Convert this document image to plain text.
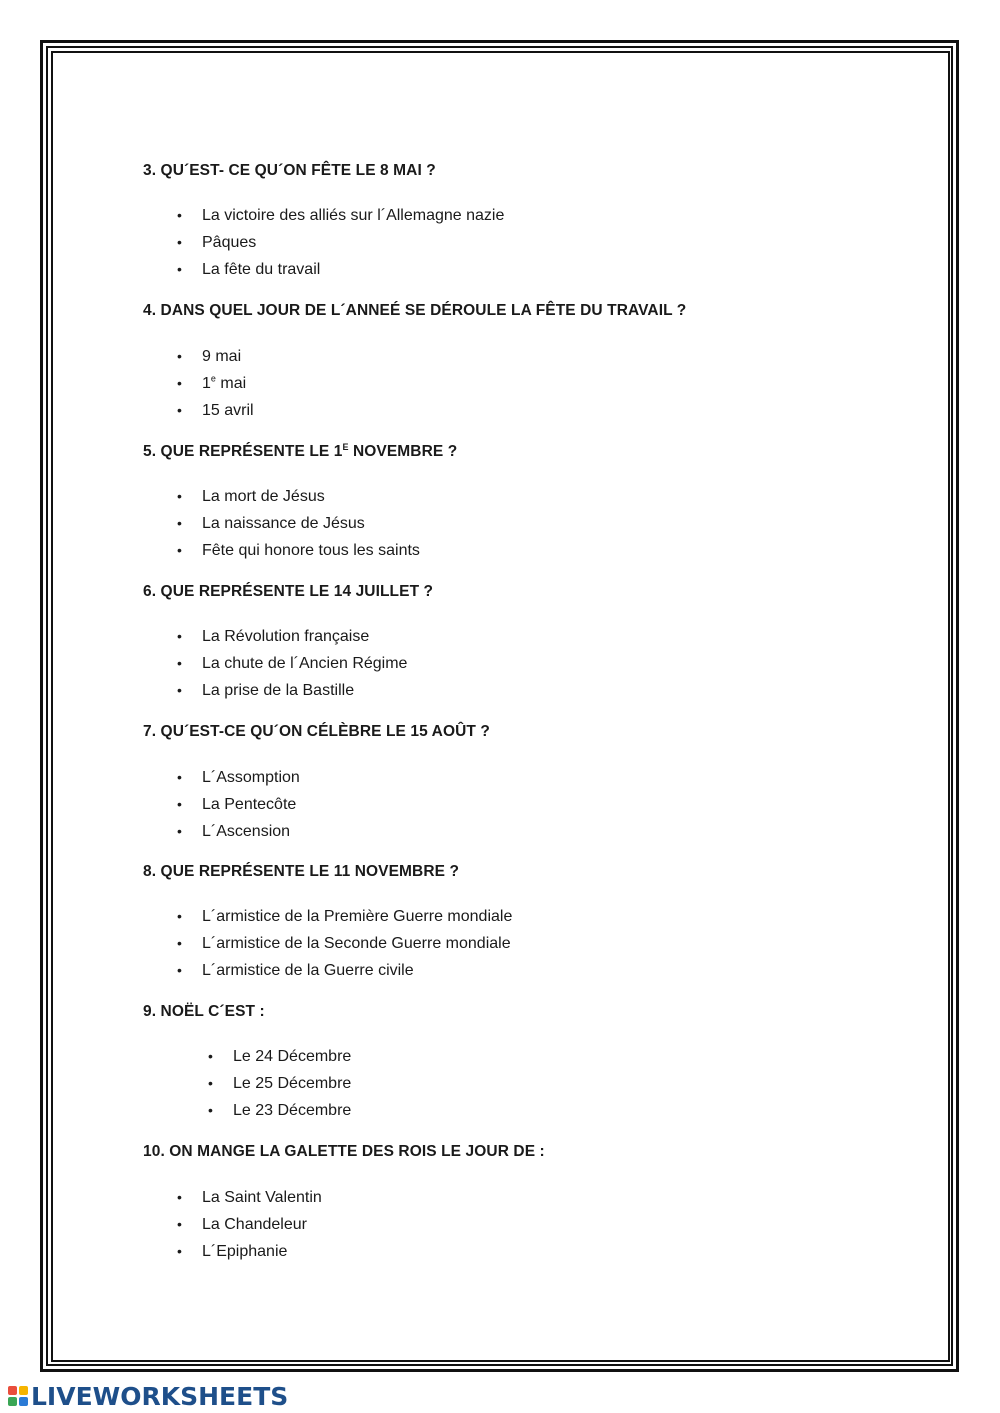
3. QU´EST- CE QU´ON FÊTE LE 8 MAI ?

• La victoire des alliés sur l´Allemagne nazie
• Pâques
• La fête du travail

4. DANS QUEL JOUR DE L´ANNEÉ SE DÉROULE LA FÊTE DU TRAVAIL ?

• 9 mai
• 1e mai
• 15 avril

5. QUE REPRÉSENTE LE $1^E$ NOVEMBRE ?

• La mort de Jésus
• La naissance de Jésus
• Fête qui honore tous les saints

6. QUE REPRÉSENTE LE 14 JUILLET ?

• La Révolution française
• La chute de l´Ancien Régime
• La prise de la Bastille

7. QU´EST-CE QU´ON CÉLÈBRE LE 15 AOÛT ?

• L´Assomption
• La Pentecôte
• L´Ascension

8. QUE REPRÉSENTE LE 11 NOVEMBRE ?

• L´armistice de la Première Guerre mondiale
• L´armistice de la Seconde Guerre mondiale
• L´armistice de la Guerre civile

9. NOËL C´EST :

• Le 24 Décembre
• Le 25 Décembre
• Le 23 Décembre

10. ON MANGE LA GALETTE DES ROIS LE JOUR DE :

• La Saint Valentin
• La Chandeleur
• L´Epiphanie
LIVEWORKSHEETS
